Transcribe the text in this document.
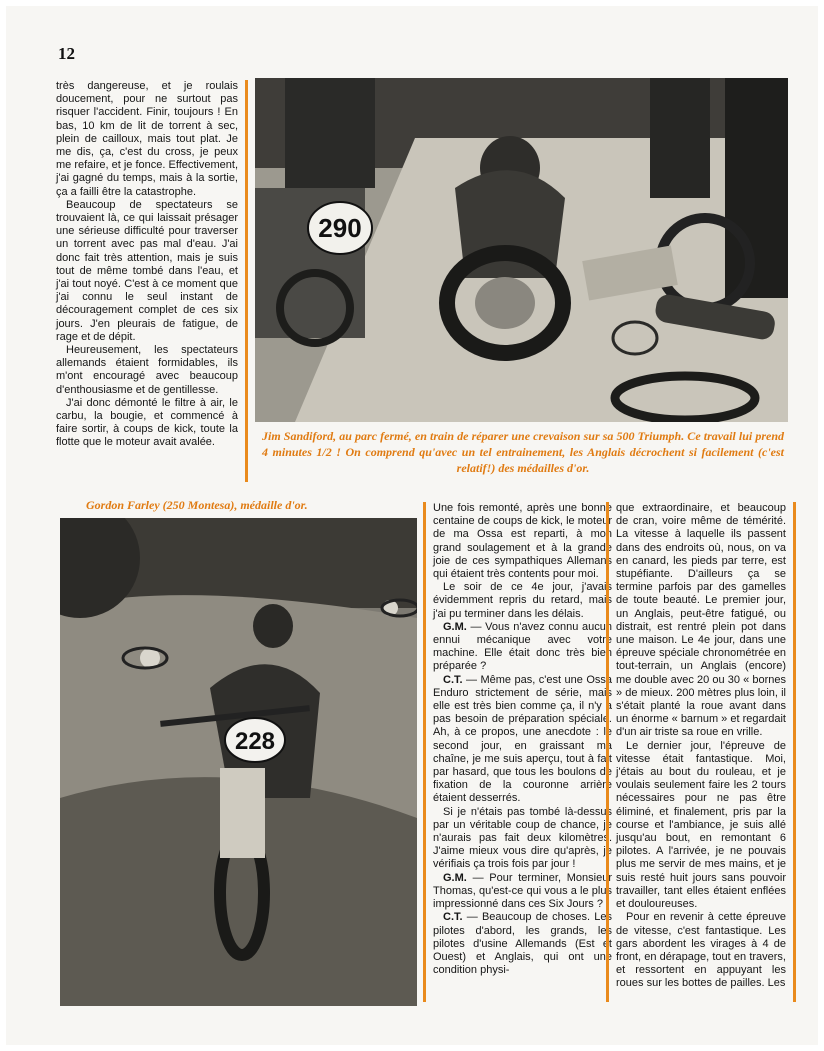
12

très dangereuse, et je roulais doucement, pour ne surtout pas risquer l'accident. Finir, toujours ! En bas, 10 km de lit de torrent à sec, plein de cailloux, mais tout plat. Je me dis, ça, c'est du cross, je peux me refaire, et je fonce. Effectivement, j'ai gagné du temps, mais à la sortie, ça a failli être la catastrophe.

Beaucoup de spectateurs se trouvaient là, ce qui laissait présager une sérieuse difficulté pour traverser un torrent avec pas mal d'eau. J'ai donc fait très attention, mais je suis tout de même tombé dans l'eau, et j'ai tout noyé. C'est à ce moment que j'ai connu le seul instant de découragement complet de ces six jours. J'en pleurais de fatigue, de rage et de dépit.

Heureusement, les spectateurs allemands étaient formidables, ils m'ont encouragé avec beaucoup d'enthousiasme et de gentillesse.

J'ai donc démonté le filtre à air, le carbu, la bougie, et commencé à faire sortir, à coups de kick, toute la flotte que le moteur avait avalée.

290
Jim Sandiford, au parc fermé, en train de réparer une crevaison sur sa 500 Triumph. Ce travail lui prend 4 minutes 1/2 ! On comprend qu'avec un tel entrainement, les Anglais décrochent si facilement (c'est relatif!) des médailles d'or.
Gordon Farley (250 Montesa), médaille d'or.
228

Une fois remonté, après une bonne centaine de coups de kick, le moteur de ma Ossa est reparti, à mon grand soulagement et à la grande joie de ces sympathiques Allemans qui étaient très contents pour moi.

Le soir de ce 4e jour, j'avais évidemment repris du retard, mais j'ai pu terminer dans les délais.

G.M. — Vous n'avez connu aucun ennui mécanique avec votre machine. Elle était donc très bien préparée ?

C.T. — Même pas, c'est une Ossa Enduro strictement de série, mais elle est très bien comme ça, il n'y a pas besoin de préparation spéciale. Ah, à ce propos, une anecdote : le second jour, en graissant ma chaîne, je me suis aperçu, tout à fait par hasard, que tous les boulons de fixation de la couronne arrière étaient desserrés.

Si je n'étais pas tombé là-dessus par un véritable coup de chance, je n'aurais pas fait deux kilomètres. J'aime mieux vous dire qu'après, je vérifiais ça trois fois par jour !

G.M. — Pour terminer, Monsieur Thomas, qu'est-ce qui vous a le plus impressionné dans ces Six Jours ?

C.T. — Beaucoup de choses. Les pilotes d'abord, les grands, les pilotes d'usine Allemands (Est et Ouest) et Anglais, qui ont une condition physi-

que extraordinaire, et beaucoup de cran, voire même de témérité. La vitesse à laquelle ils passent dans des endroits où, nous, on va en canard, les pieds par terre, est stupéfiante. D'ailleurs ça se termine parfois par des gamelles de toute beauté. Le premier jour, un Anglais, peut-être fatigué, ou distrait, est rentré plein pot dans une maison. Le 4e jour, dans une épreuve spéciale chronométrée en tout-terrain, un Anglais (encore) me double avec 20 ou 30 « bornes » de mieux. 200 mètres plus loin, il s'était planté la roue avant dans un énorme « barnum » et regardait d'un air triste sa roue en vrille.

Le dernier jour, l'épreuve de vitesse était fantastique. Moi, j'étais au bout du rouleau, et je voulais seulement faire les 2 tours nécessaires pour ne pas être éliminé, et finalement, pris par la course et l'ambiance, je suis allé jusqu'au bout, en remontant 6 pilotes. A l'arrivée, je ne pouvais plus me servir de mes mains, et je suis resté huit jours sans pouvoir travailler, tant elles étaient enflées et douloureuses.

Pour en revenir à cette épreuve de vitesse, c'est fantastique. Les gars abordent les virages à 4 de front, en dérapage, tout en travers, et ressortent en appuyant les roues sur les bottes de pailles. Les
